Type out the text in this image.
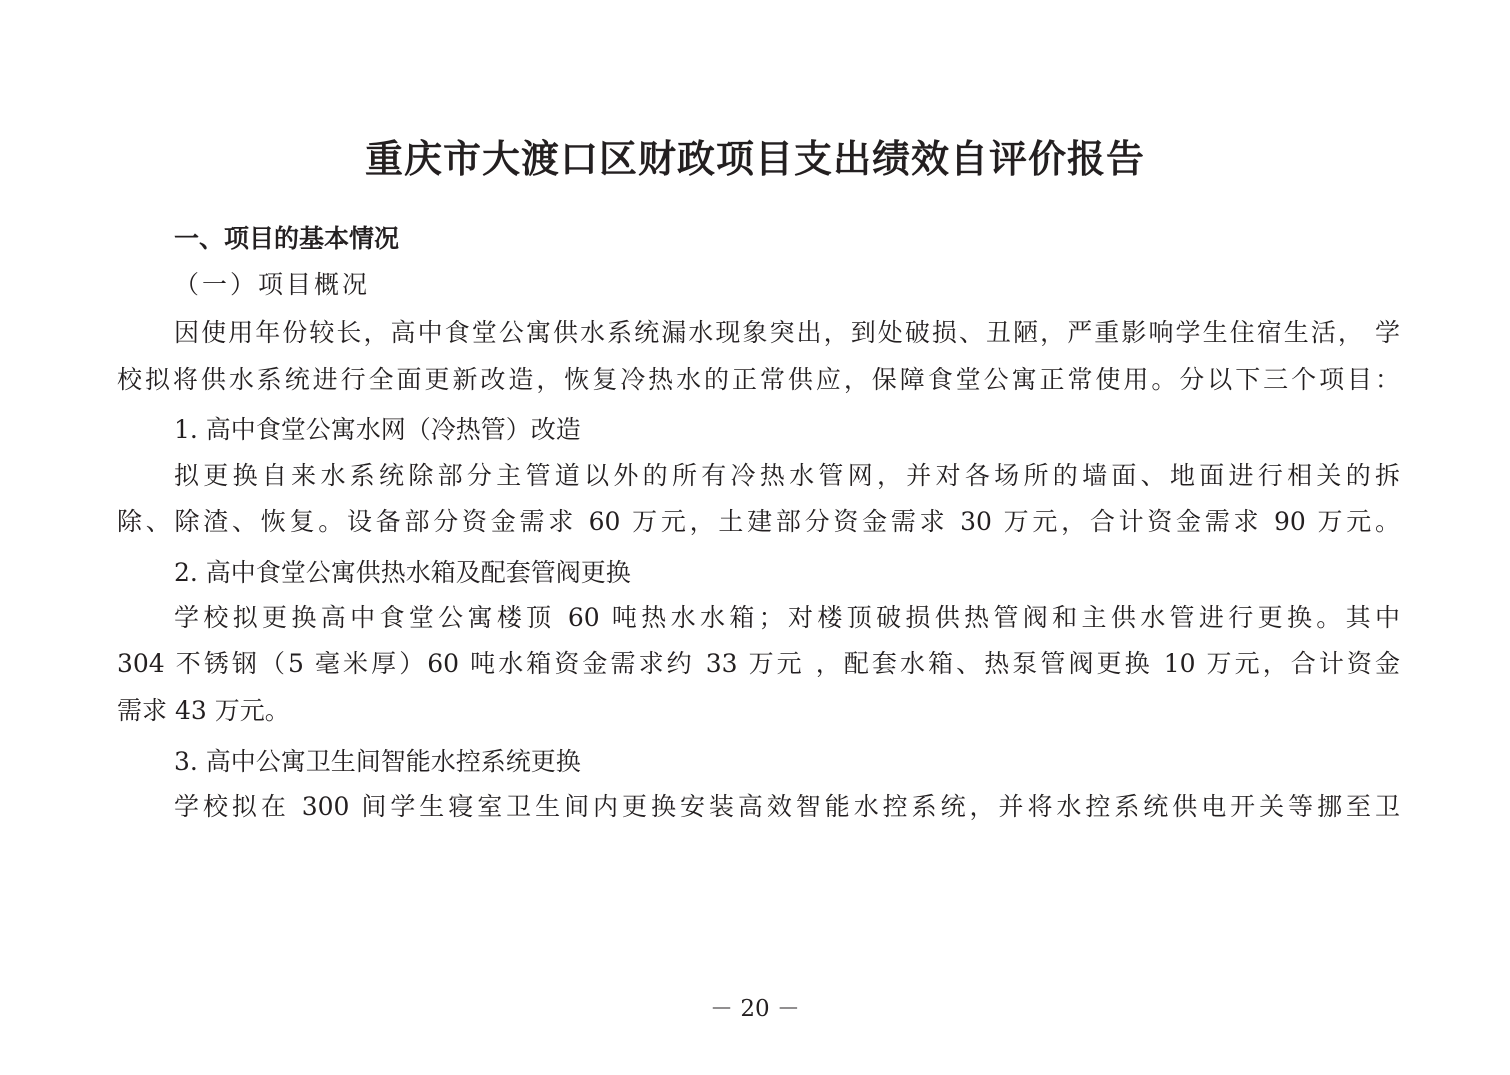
重庆市大渡口区财政项目支出绩效自评价报告
一、项目的基本情况
（一）项目概况
因使用年份较长，高中食堂公寓供水系统漏水现象突出，到处破损、丑陋，严重影响学生住宿生活， 学
校拟将供水系统进行全面更新改造，恢复冷热水的正常供应，保障食堂公寓正常使用。分以下三个项目：
1. 高中食堂公寓水网（冷热管）改造
拟更换自来水系统除部分主管道以外的所有冷热水管网，并对各场所的墙面、地面进行相关的拆
除、除渣、恢复。设备部分资金需求 60 万元，土建部分资金需求 30 万元，合计资金需求 90 万元。
2. 高中食堂公寓供热水箱及配套管阀更换
学校拟更换高中食堂公寓楼顶 60 吨热水水箱；对楼顶破损供热管阀和主供水管进行更换。其中
304 不锈钢（5 毫米厚）60 吨水箱资金需求约 33 万元 ，配套水箱、热泵管阀更换 10 万元，合计资金
需求 43 万元。
3. 高中公寓卫生间智能水控系统更换
学校拟在 300 间学生寝室卫生间内更换安装高效智能水控系统，并将水控系统供电开关等挪至卫
－ 20 －
